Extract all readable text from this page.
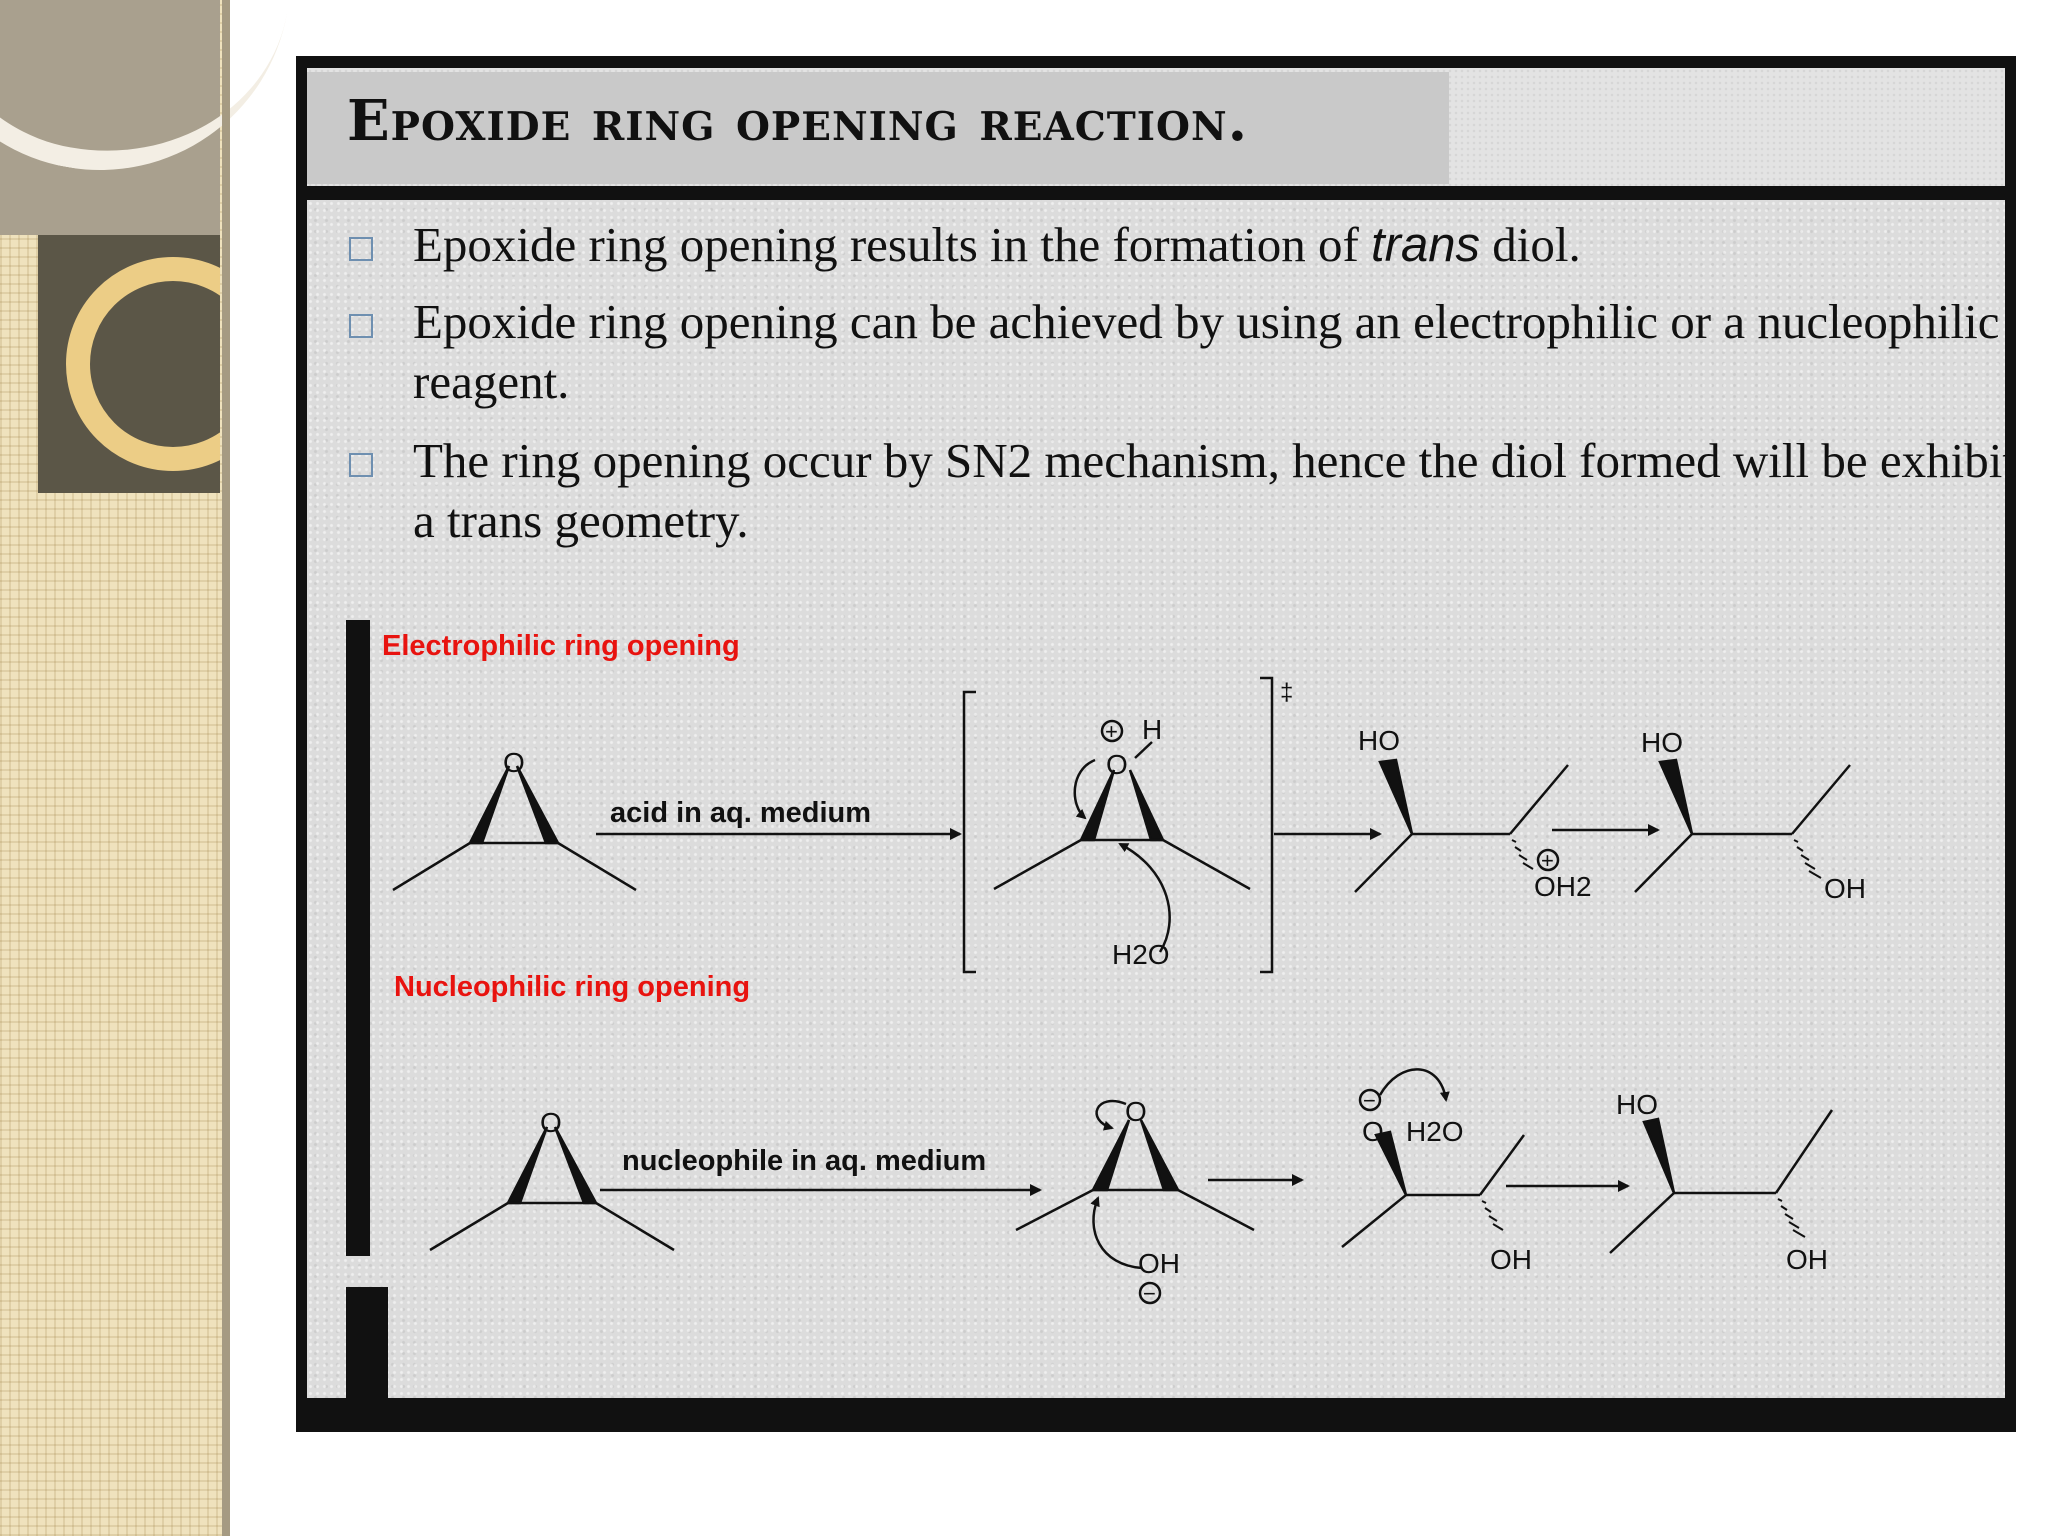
Epoxide ring opening reaction.
Epoxide ring opening results in the formation of trans diol.
Epoxide ring opening can be achieved by using an electrophilic or a nucleophilic reagent.
The ring opening occur by SN2 mechanism, hence the diol formed will be exhibit a trans geometry.
Electrophilic ring opening
Nucleophilic ring opening
O
acid in aq. medium
‡
+
O
H
H2O
HO
+
OH2
HO
OH
O
nucleophile in aq. medium
O
OH
−
−
O H2O
OH
HO
OH
